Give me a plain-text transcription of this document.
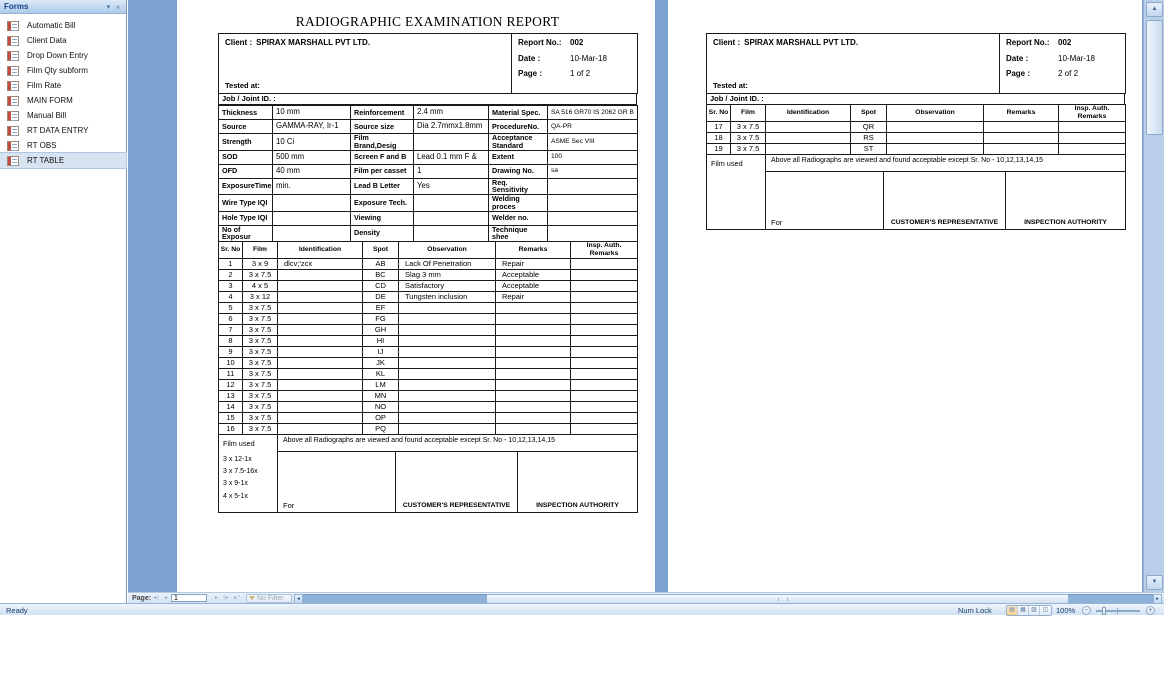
Forms	▾ «
Automatic Bill
Client Data
Drop Down Entry
Film Qty subform
Film Rate
MAIN FORM
Manual Bill
RT DATA ENTRY
RT OBS
RT TABLE
RADIOGRAPHIC EXAMINATION REPORT
Client : SPIRAX MARSHALL PVT LTD.
Tested at:

Report No.:	002
Date :	10-Mar-18
Page :	1 of 2
Job / Joint ID. :
Thickness	10 mm	Reinforcement	2.4 mm	Material Spec.	SA 516 GR70 IS 2062 GR B
Source	GAMMA-RAY, Ir-1	Source size	Dia 2.7mmx1.8mm	ProcedureNo.	QA-PR
Strength	10 Ci	Film Brand,Desig		Acceptance Standard	ASME Sec VIII
SOD	500 mm	Screen F and B	Lead 0.1 mm F &	Extent	100
OFD	40 mm	Film per casset	1	Drawing No.	sa
ExposureTime	min.	Lead B Letter	Yes	Req. Sensitivity	
Wire Type IQI		Exposure Tech.		Welding proces	
Hole Type IQI		Viewing		Welder no.	
No of Exposur		Density		Technique shee	
Sr. No	Film	Identification	Spot	Observation	Remarks	Insp. Auth. Remarks
1	3 x 9	dlcv;'zcx	AB	Lack Of Penetration	Repair	
2	3 x 7.5		BC	Slag 3 mm	Acceptable	
3	4 x 5		CD	Satisfactory	Acceptable	
4	3 x 12		DE	Tungsten inclusion	Repair	
5	3 x 7.5		EF			
6	3 x 7.5		FG			
7	3 x 7.5		GH			
8	3 x 7.5		HI			
9	3 x 7.5		IJ			
10	3 x 7.5		JK			
11	3 x 7.5		KL			
12	3 x 7.5		LM			
13	3 x 7.5		MN			
14	3 x 7.5		NO			
15	3 x 7.5		OP			
16	3 x 7.5		PQ			
Film used
3 x 12-1x
3 x 7.5-16x
3 x 9-1x
4 x 5-1x
	Above all Radiographs are viewed and found acceptable except Sr. No - 10,12,13,14,15
	For	CUSTOMER'S REPRESENTATIVE	INSPECTION AUTHORITY
Client : SPIRAX MARSHALL PVT LTD.
Tested at:

Report No.:	002
Date :	10-Mar-18
Page :	2 of 2
Job / Joint ID. :
Sr. No	Film	Identification	Spot	Observation	Remarks	Insp. Auth. Remarks
17	3 x 7.5		QR			
18	3 x 7.5		RS			
19	3 x 7.5		ST			
Film used	Above all Radiographs are viewed and found acceptable except Sr. No - 10,12,13,14,15		
	For	CUSTOMER'S REPRESENTATIVE	INSPECTION AUTHORITY
▲
▼
Page: ◄| ◄
1	► |► ►* No Filter	◄	►
Ready	Num Lock	▤ ▦ ▨ ◫	100%	−	+
